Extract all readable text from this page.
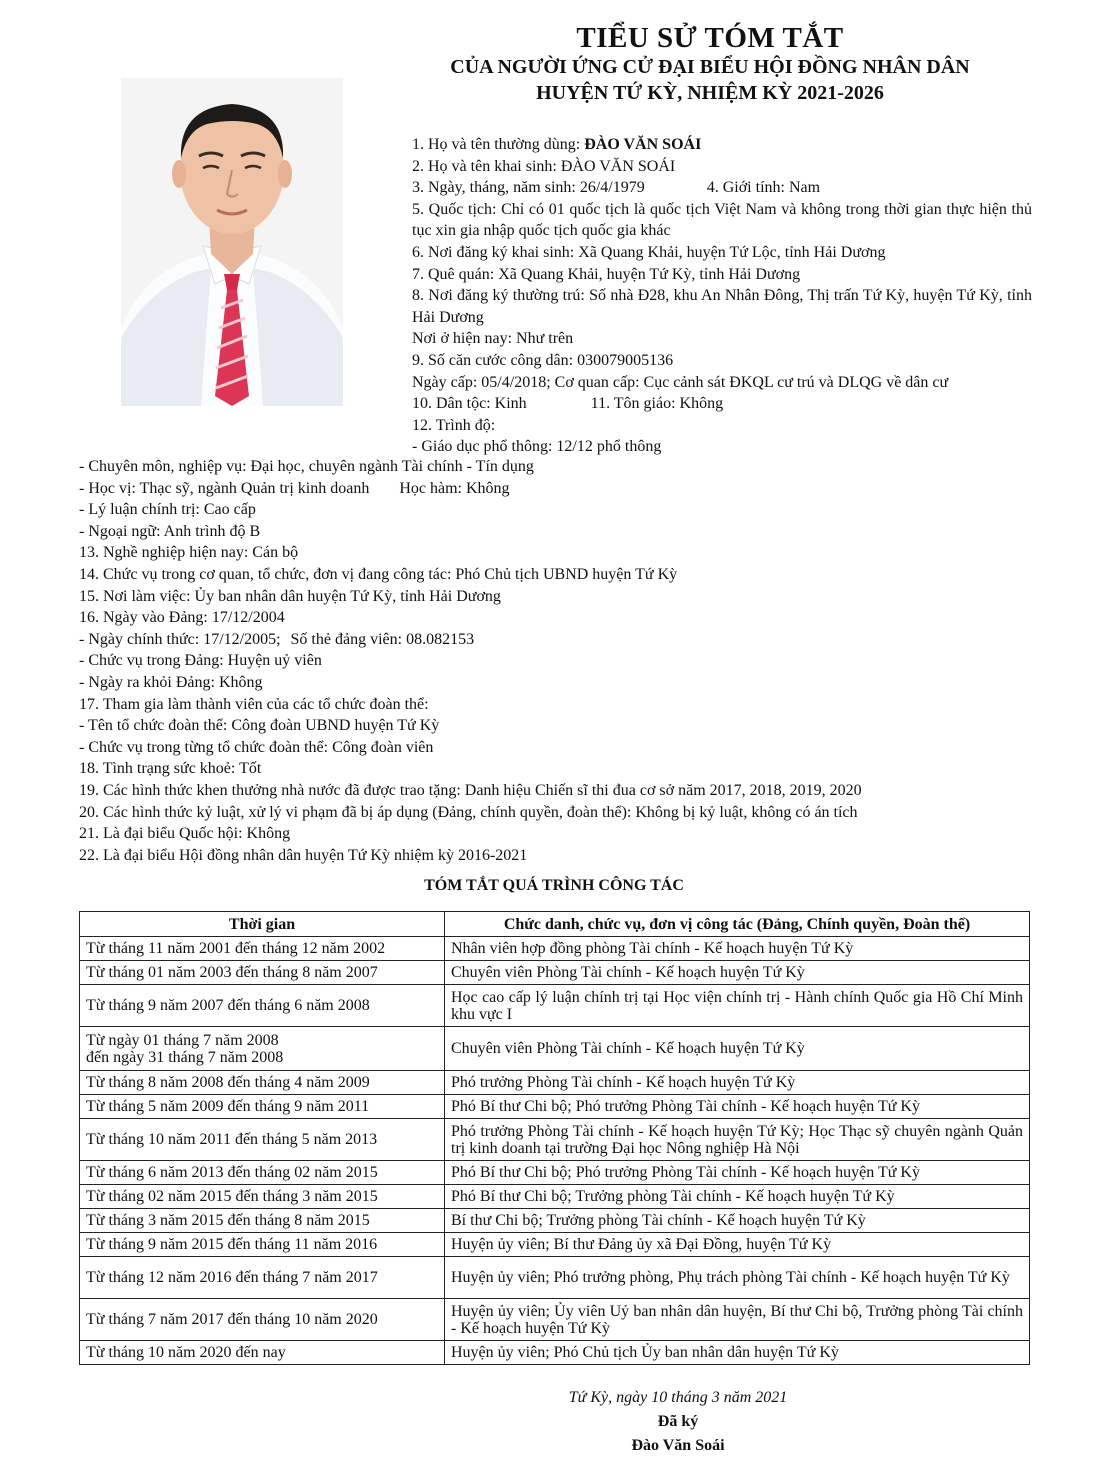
TIỂU SỬ TÓM TẮT
CỦA NGƯỜI ỨNG CỬ ĐẠI BIỂU HỘI ĐỒNG NHÂN DÂN
HUYỆN TỨ KỲ, NHIỆM KỲ 2021-2026
1. Họ và tên thường dùng: ĐÀO VĂN SOÁI
2. Họ và tên khai sinh: ĐÀO VĂN SOÁI
3. Ngày, tháng, năm sinh: 26/4/1979	4. Giới tính: Nam
5. Quốc tịch: Chỉ có 01 quốc tịch là quốc tịch Việt Nam và không trong thời gian thực hiện thủ tục xin gia nhập quốc tịch quốc gia khác
6. Nơi đăng ký khai sinh: Xã Quang Khải, huyện Tứ Lộc, tỉnh Hải Dương
7. Quê quán: Xã Quang Khải, huyện Tứ Kỳ, tỉnh Hải Dương
8. Nơi đăng ký thường trú: Số nhà Đ28, khu An Nhân Đông, Thị trấn Tứ Kỳ, huyện Tứ Kỳ, tỉnh Hải Dương
Nơi ở hiện nay: Như trên
9. Số căn cước công dân: 030079005136
Ngày cấp: 05/4/2018; Cơ quan cấp: Cục cảnh sát ĐKQL cư trú và DLQG về dân cư
10. Dân tộc: Kinh	11. Tôn giáo: Không
12. Trình độ:
- Giáo dục phổ thông: 12/12 phổ thông
- Chuyên môn, nghiệp vụ: Đại học, chuyên ngành Tài chính - Tín dụng
- Học vị: Thạc sỹ, ngành Quản trị kinh doanh Học hàm: Không
- Lý luận chính trị: Cao cấp
- Ngoại ngữ: Anh trình độ B
13. Nghề nghiệp hiện nay: Cán bộ
14. Chức vụ trong cơ quan, tổ chức, đơn vị đang công tác: Phó Chủ tịch UBND huyện Tứ Kỳ
15. Nơi làm việc: Ủy ban nhân dân huyện Tứ Kỳ, tỉnh Hải Dương
16. Ngày vào Đảng: 17/12/2004
- Ngày chính thức: 17/12/2005; Số thẻ đảng viên: 08.082153
- Chức vụ trong Đảng: Huyện uỷ viên
- Ngày ra khỏi Đảng: Không
17. Tham gia làm thành viên của các tổ chức đoàn thể:
- Tên tổ chức đoàn thể: Công đoàn UBND huyện Tứ Kỳ
- Chức vụ trong từng tổ chức đoàn thể: Công đoàn viên
18. Tình trạng sức khoẻ: Tốt
19. Các hình thức khen thưởng nhà nước đã được trao tặng: Danh hiệu Chiến sĩ thi đua cơ sở năm 2017, 2018, 2019, 2020
20. Các hình thức kỷ luật, xử lý vi phạm đã bị áp dụng (Đảng, chính quyền, đoàn thể): Không bị kỷ luật, không có án tích
21. Là đại biểu Quốc hội: Không
22. Là đại biểu Hội đồng nhân dân huyện Tứ Kỳ nhiệm kỳ 2016-2021
TÓM TẮT QUÁ TRÌNH CÔNG TÁC
Thời gian	Chức danh, chức vụ, đơn vị công tác (Đảng, Chính quyền, Đoàn thể)
Từ tháng 11 năm 2001 đến tháng 12 năm 2002	Nhân viên hợp đồng phòng Tài chính - Kế hoạch huyện Tứ Kỳ
Từ tháng 01 năm 2003 đến tháng 8 năm 2007	Chuyên viên Phòng Tài chính - Kế hoạch huyện Tứ Kỳ
Từ tháng 9 năm 2007 đến tháng 6 năm 2008	Học cao cấp lý luận chính trị tại Học viện chính trị - Hành chính Quốc gia Hồ Chí Minh khu vực I

Từ ngày 01 tháng 7 năm 2008
đến ngày 31 tháng 7 năm 2008	Chuyên viên Phòng Tài chính - Kế hoạch huyện Tứ Kỳ
Từ tháng 8 năm 2008 đến tháng 4 năm 2009	Phó trưởng Phòng Tài chính - Kế hoạch huyện Tứ Kỳ
Từ tháng 5 năm 2009 đến tháng 9 năm 2011	Phó Bí thư Chi bộ; Phó trưởng Phòng Tài chính - Kế hoạch huyện Tứ Kỳ
Từ tháng 10 năm 2011 đến tháng 5 năm 2013	Phó trưởng Phòng Tài chính - Kế hoạch huyện Tứ Kỳ; Học Thạc sỹ chuyên ngành Quản trị kinh doanh tại trường Đại học Nông nghiệp Hà Nội
Từ tháng 6 năm 2013 đến tháng 02 năm 2015	Phó Bí thư Chi bộ; Phó trưởng Phòng Tài chính - Kế hoạch huyện Tứ Kỳ
Từ tháng 02 năm 2015 đến tháng 3 năm 2015	Phó Bí thư Chi bộ; Trưởng phòng Tài chính - Kế hoạch huyện Tứ Kỳ
Từ tháng 3 năm 2015 đến tháng 8 năm 2015	Bí thư Chi bộ; Trưởng phòng Tài chính - Kế hoạch huyện Tứ Kỳ
Từ tháng 9 năm 2015 đến tháng 11 năm 2016	Huyện ủy viên; Bí thư Đảng ủy xã Đại Đồng, huyện Tứ Kỳ
Từ tháng 12 năm 2016 đến tháng 7 năm 2017	Huyện ủy viên; Phó trưởng phòng, Phụ trách phòng Tài chính - Kế hoạch huyện Tứ Kỳ
Từ tháng 7 năm 2017 đến tháng 10 năm 2020	Huyện ủy viên; Ủy viên Uỷ ban nhân dân huyện, Bí thư Chi bộ, Trưởng phòng Tài chính - Kế hoạch huyện Tứ Kỳ
Từ tháng 10 năm 2020 đến nay	Huyện ủy viên; Phó Chủ tịch Ủy ban nhân dân huyện Tứ Kỳ
Tứ Kỳ, ngày 10 tháng 3 năm 2021
Đã ký
Đào Văn Soái
